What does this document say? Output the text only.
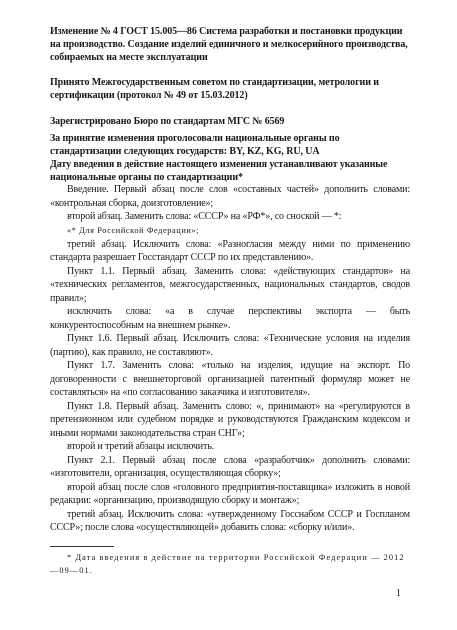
Изменение № 4 ГОСТ 15.005—86 Система разработки и постановки продукции на производство. Создание изделий единичного и мелкосерийного производства, собираемых на месте эксплуатации

Принято Межгосударственным советом по стандартизации, метрологии и сертификации (протокол № 49 от 15.03.2012)

Зарегистрировано Бюро по стандартам МГС № 6569

За принятие изменения проголосовали национальные органы по стандартизации следующих государств: BY, KZ, KG, RU, UA

Дату введения в действие настоящего изменения устанавливают указанные национальные органы по стандартизации*

Введение. Первый абзац после слов «составных частей» дополнить словами: «контрольная сборка, доизготовление»;

второй абзац. Заменить слова: «СССР» на «РФ*», со сноской — *:

«* Для Российской Федерации»;

третий абзац. Исключить слова: «Разногласия между ними по применению стандарта разрешает Госстандарт СССР по их представлению».

Пункт 1.1. Первый абзац. Заменить слова: «действующих стандартов» на «технических регламентов, межгосударственных, национальных стандартов, сводов правил»;

исключить слова: «а в случае перспективы экспорта — быть конкурентоспособным на внешнем рынке».

Пункт 1.6. Первый абзац. Исключить слова: «Технические условия на изделия (партию), как правило, не составляют».

Пункт 1.7. Заменить слова: «только на изделия, идущие на экспорт. По договоренности с внешнеторговой организацией патентный формуляр может не составляться» на «по согласованию заказчика и изготовителя».

Пункт 1.8. Первый абзац. Заменить слово: «, принимают» на «регулируются в претензионном или судебном порядке и руководствуются Гражданским кодексом и иными нормами законодательства стран СНГ»;

второй и третий абзацы исключить.

Пункт 2.1. Первый абзац после слова «разработчик» дополнить словами: «изготовители, организация, осуществляющая сборку»;

второй абзац после слов «головного предприятия-поставщика» изложить в новой редакции: «организацию, производящую сборку и монтаж»;

третий абзац. Исключить слова: «утвержденному Госснабом СССР и Госпланом СССР»; после слова «осуществляющей» добавить слова: «сборку и/или».

* Дата введения в действие на территории Российской Федерации — 2012—09—01.

1
